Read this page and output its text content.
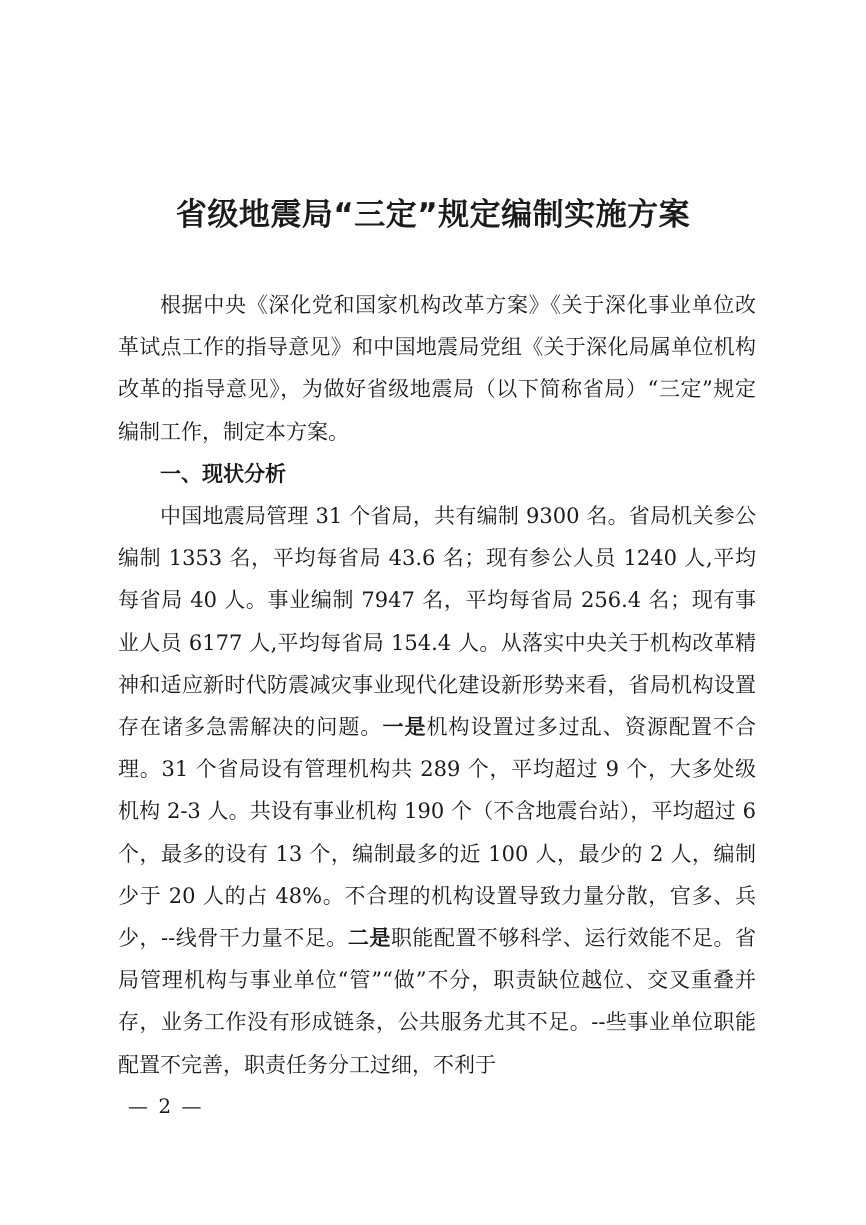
省级地震局“三定”规定编制实施方案

根据中央《深化党和国家机构改革方案》《关于深化事业单位改革试点工作的指导意见》和中国地震局党组《关于深化局属单位机构改革的指导意见》，为做好省级地震局（以下简称省局）“三定”规定编制工作，制定本方案。

一、现状分析

中国地震局管理 31 个省局，共有编制 9300 名。省局机关参公编制 1353 名，平均每省局 43.6 名；现有参公人员 1240 人,平均每省局 40 人。事业编制 7947 名，平均每省局 256.4 名；现有事业人员 6177 人,平均每省局 154.4 人。从落实中央关于机构改革精神和适应新时代防震减灾事业现代化建设新形势来看，省局机构设置存在诸多急需解决的问题。一是机构设置过多过乱、资源配置不合理。31 个省局设有管理机构共 289 个，平均超过 9 个，大多处级机构 2-3 人。共设有事业机构 190 个（不含地震台站），平均超过 6 个，最多的设有 13 个，编制最多的近 100 人，最少的 2 人，编制少于 20 人的占 48%。不合理的机构设置导致力量分散，官多、兵少，--线骨干力量不足。二是职能配置不够科学、运行效能不足。省局管理机构与事业单位“管”“做”不分，职责缺位越位、交叉重叠并存，业务工作没有形成链条，公共服务尤其不足。--些事业单位职能配置不完善，职责任务分工过细，不利于

— 2 —
